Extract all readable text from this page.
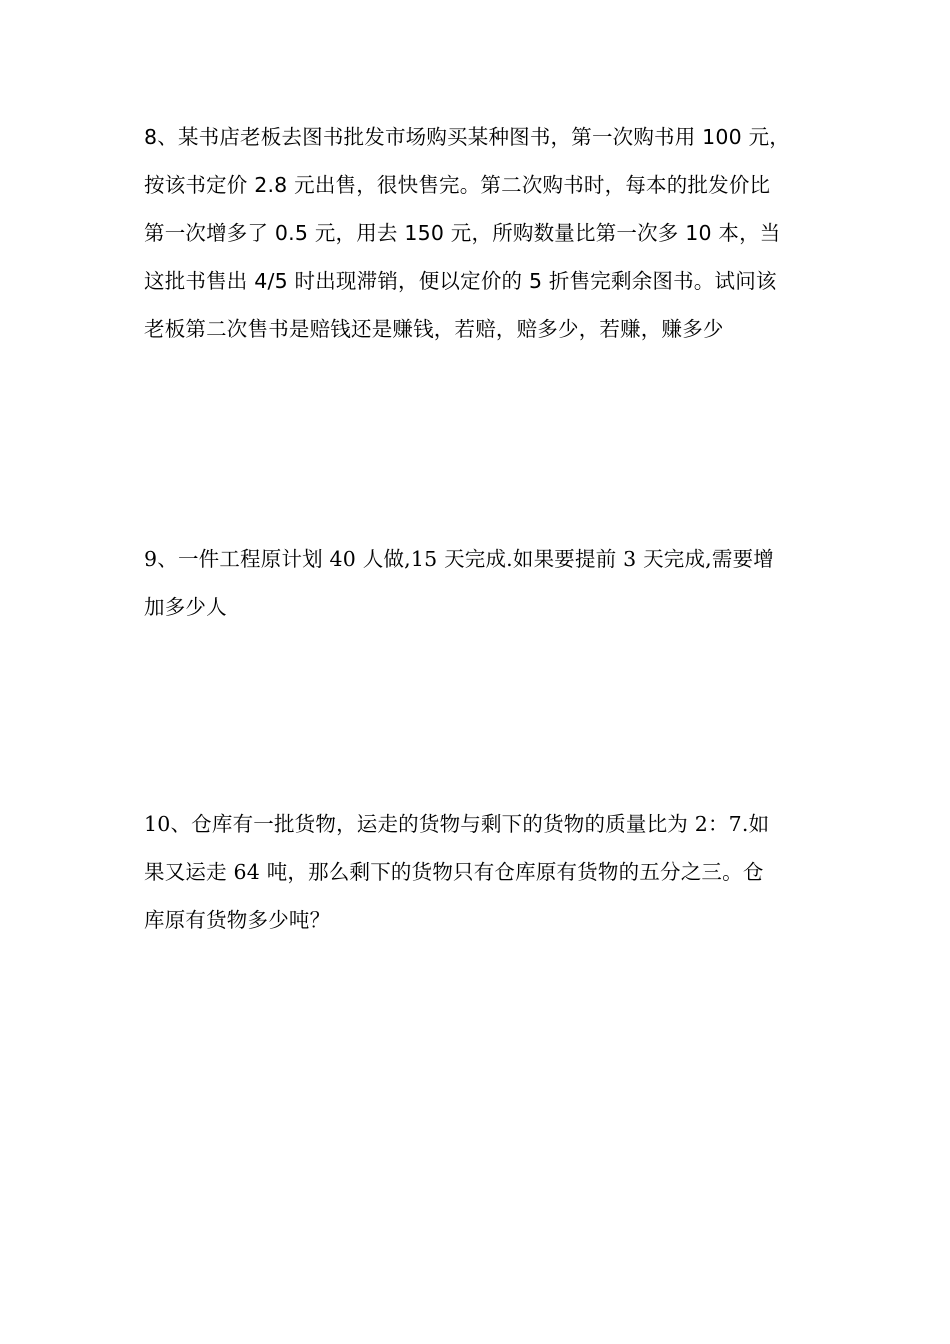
8、某书店老板去图书批发市场购买某种图书，第一次购书用 100 元，
按该书定价 2.8 元出售，很快售完。第二次购书时，每本的批发价比
第一次增多了 0.5 元，用去 150 元，所购数量比第一次多 10 本，当
这批书售出 4/5 时出现滞销，便以定价的 5 折售完剩余图书。试问该
老板第二次售书是赔钱还是赚钱，若赔，赔多少，若赚，赚多少
9、一件工程原计划 40 人做,15 天完成.如果要提前 3 天完成,需要增
加多少人
10、仓库有一批货物，运走的货物与剩下的货物的质量比为 2：7.如
果又运走 64 吨，那么剩下的货物只有仓库原有货物的五分之三。仓
库原有货物多少吨？
